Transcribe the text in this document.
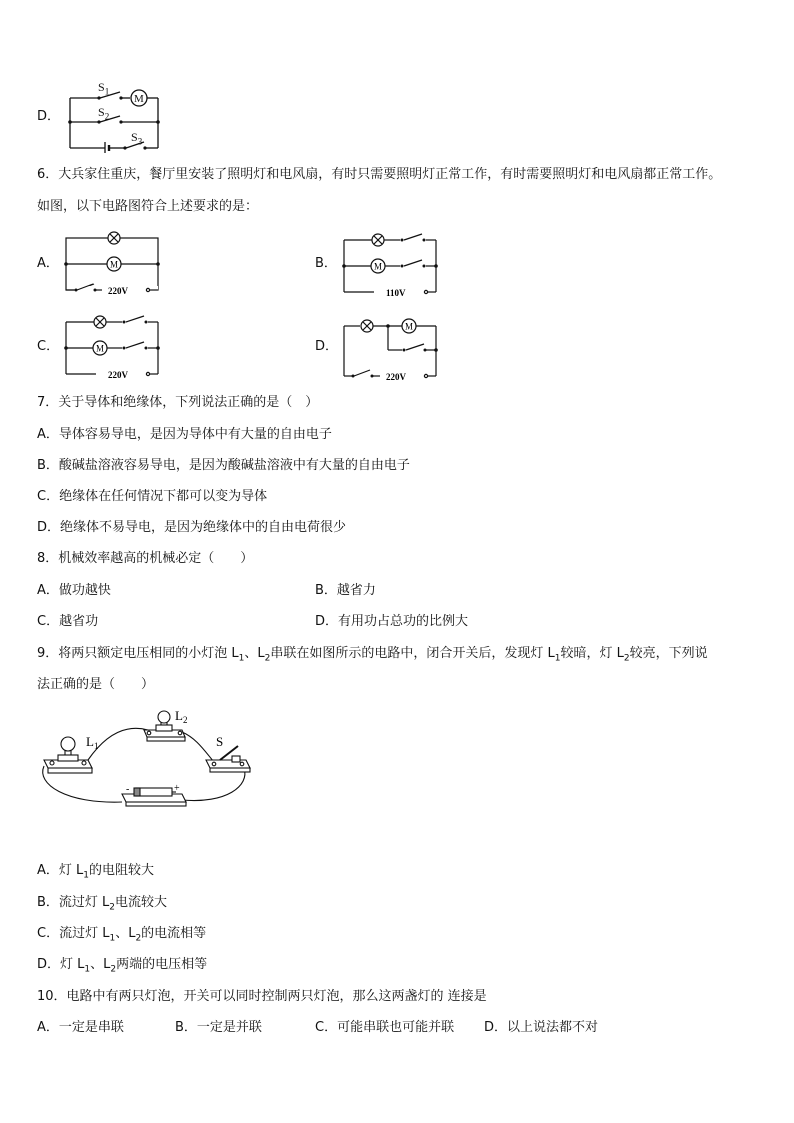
D．
$S_1$
$S_2$
$S_3$
M
6．大兵家住重庆，餐厅里安装了照明灯和电风扇，有时只需要照明灯正常工作，有时需要照明灯和电风扇都正常工作。
如图，以下电路图符合上述要求的是：
A．	M
220V
B．	M
110V
C．	M
220V
D．
M
220V
7．关于导体和绝缘体，下列说法正确的是（　）
A．导体容易导电，是因为导体中有大量的自由电子
B．酸碱盐溶液容易导电，是因为酸碱盐溶液中有大量的自由电子
C．绝缘体在任何情况下都可以变为导体
D．绝缘体不易导电，是因为绝缘体中的自由电荷很少
8．机械效率越高的机械必定（　　）
A．做功越快	B．越省力
C．越省功	D．有用功占总功的比例大
9．将两只额定电压相同的小灯泡 $L_1$、$L_2$串联在如图所示的电路中，闭合开关后，发现灯 $L_1$较暗，灯 $L_2$较亮，下列说
法正确的是（　　）
$L_1$
$L_2$
S
-	+
A．灯 $L_1$的电阻较大
B．流过灯 $L_2$电流较大
C．流过灯 $L_1$、$L_2$的电流相等
D．灯 $L_1$、$L_2$两端的电压相等
10．电路中有两只灯泡，开关可以同时控制两只灯泡，那么这两盏灯的 连接是
A．一定是串联	B．一定是并联	C．可能串联也可能并联 D．以上说法都不对
